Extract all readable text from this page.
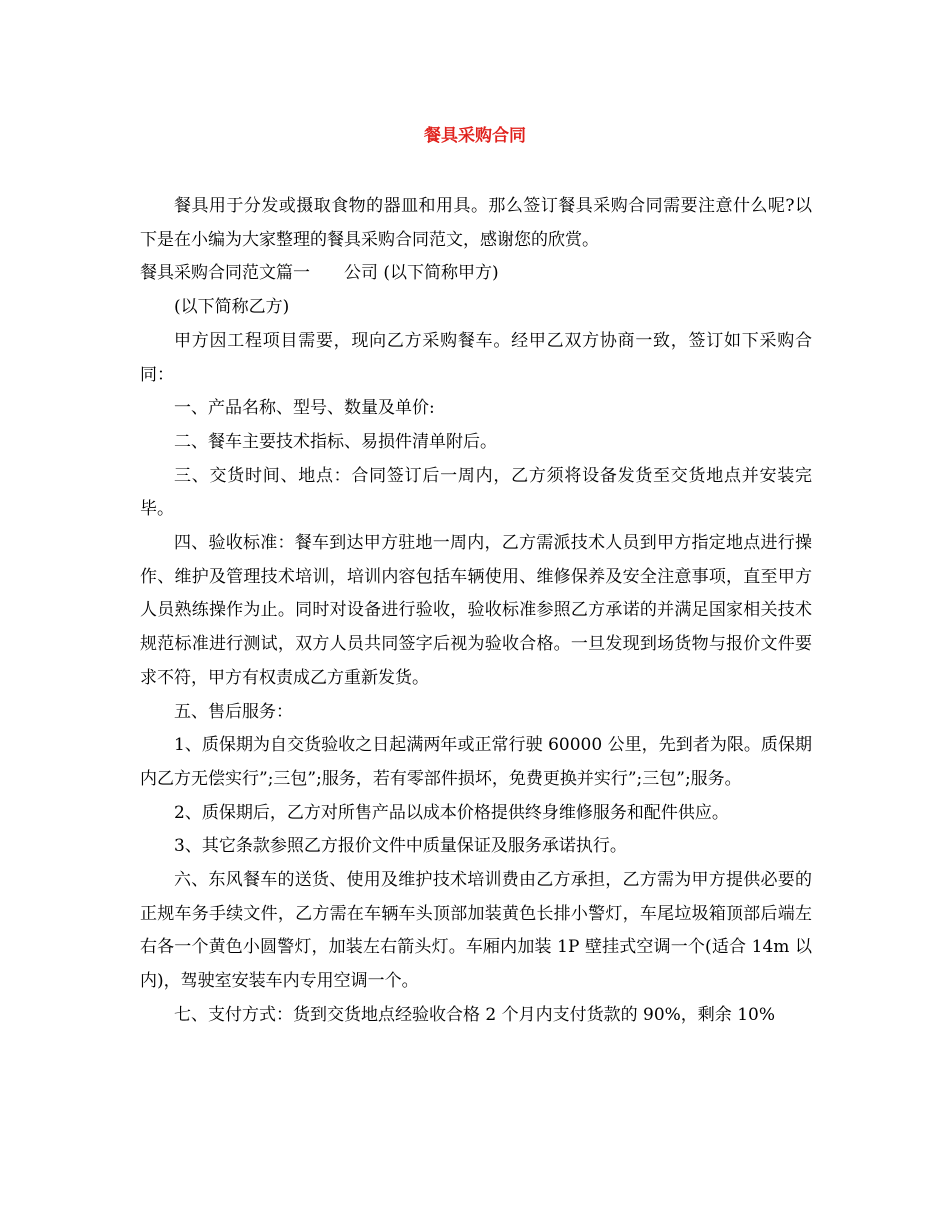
餐具采购合同

餐具用于分发或摄取食物的器皿和用具。那么签订餐具采购合同需要注意什么呢?以下是在小编为大家整理的餐具采购合同范文，感谢您的欣赏。

餐具采购合同范文篇一　　公司 (以下简称甲方)

(以下简称乙方)

甲方因工程项目需要，现向乙方采购餐车。经甲乙双方协商一致，签订如下采购合同：

一、产品名称、型号、数量及单价:

二、餐车主要技术指标、易损件清单附后。

三、交货时间、地点：合同签订后一周内，乙方须将设备发货至交货地点并安装完毕。

四、验收标准：餐车到达甲方驻地一周内，乙方需派技术人员到甲方指定地点进行操作、维护及管理技术培训，培训内容包括车辆使用、维修保养及安全注意事项，直至甲方人员熟练操作为止。同时对设备进行验收，验收标准参照乙方承诺的并满足国家相关技术规范标准进行测试，双方人员共同签字后视为验收合格。一旦发现到场货物与报价文件要求不符，甲方有权责成乙方重新发货。

五、售后服务：

1、质保期为自交货验收之日起满两年或正常行驶 60000 公里，先到者为限。质保期内乙方无偿实行”;三包”;服务，若有零部件损坏，免费更换并实行”;三包”;服务。

2、质保期后，乙方对所售产品以成本价格提供终身维修服务和配件供应。

3、其它条款参照乙方报价文件中质量保证及服务承诺执行。

六、东风餐车的送货、使用及维护技术培训费由乙方承担，乙方需为甲方提供必要的正规车务手续文件，乙方需在车辆车头顶部加装黄色长排小警灯，车尾垃圾箱顶部后端左右各一个黄色小圆警灯，加装左右箭头灯。车厢内加装 1P 壁挂式空调一个(适合 14m 以内)，驾驶室安装车内专用空调一个。

七、支付方式：货到交货地点经验收合格 2 个月内支付货款的 90%，剩余 10%
